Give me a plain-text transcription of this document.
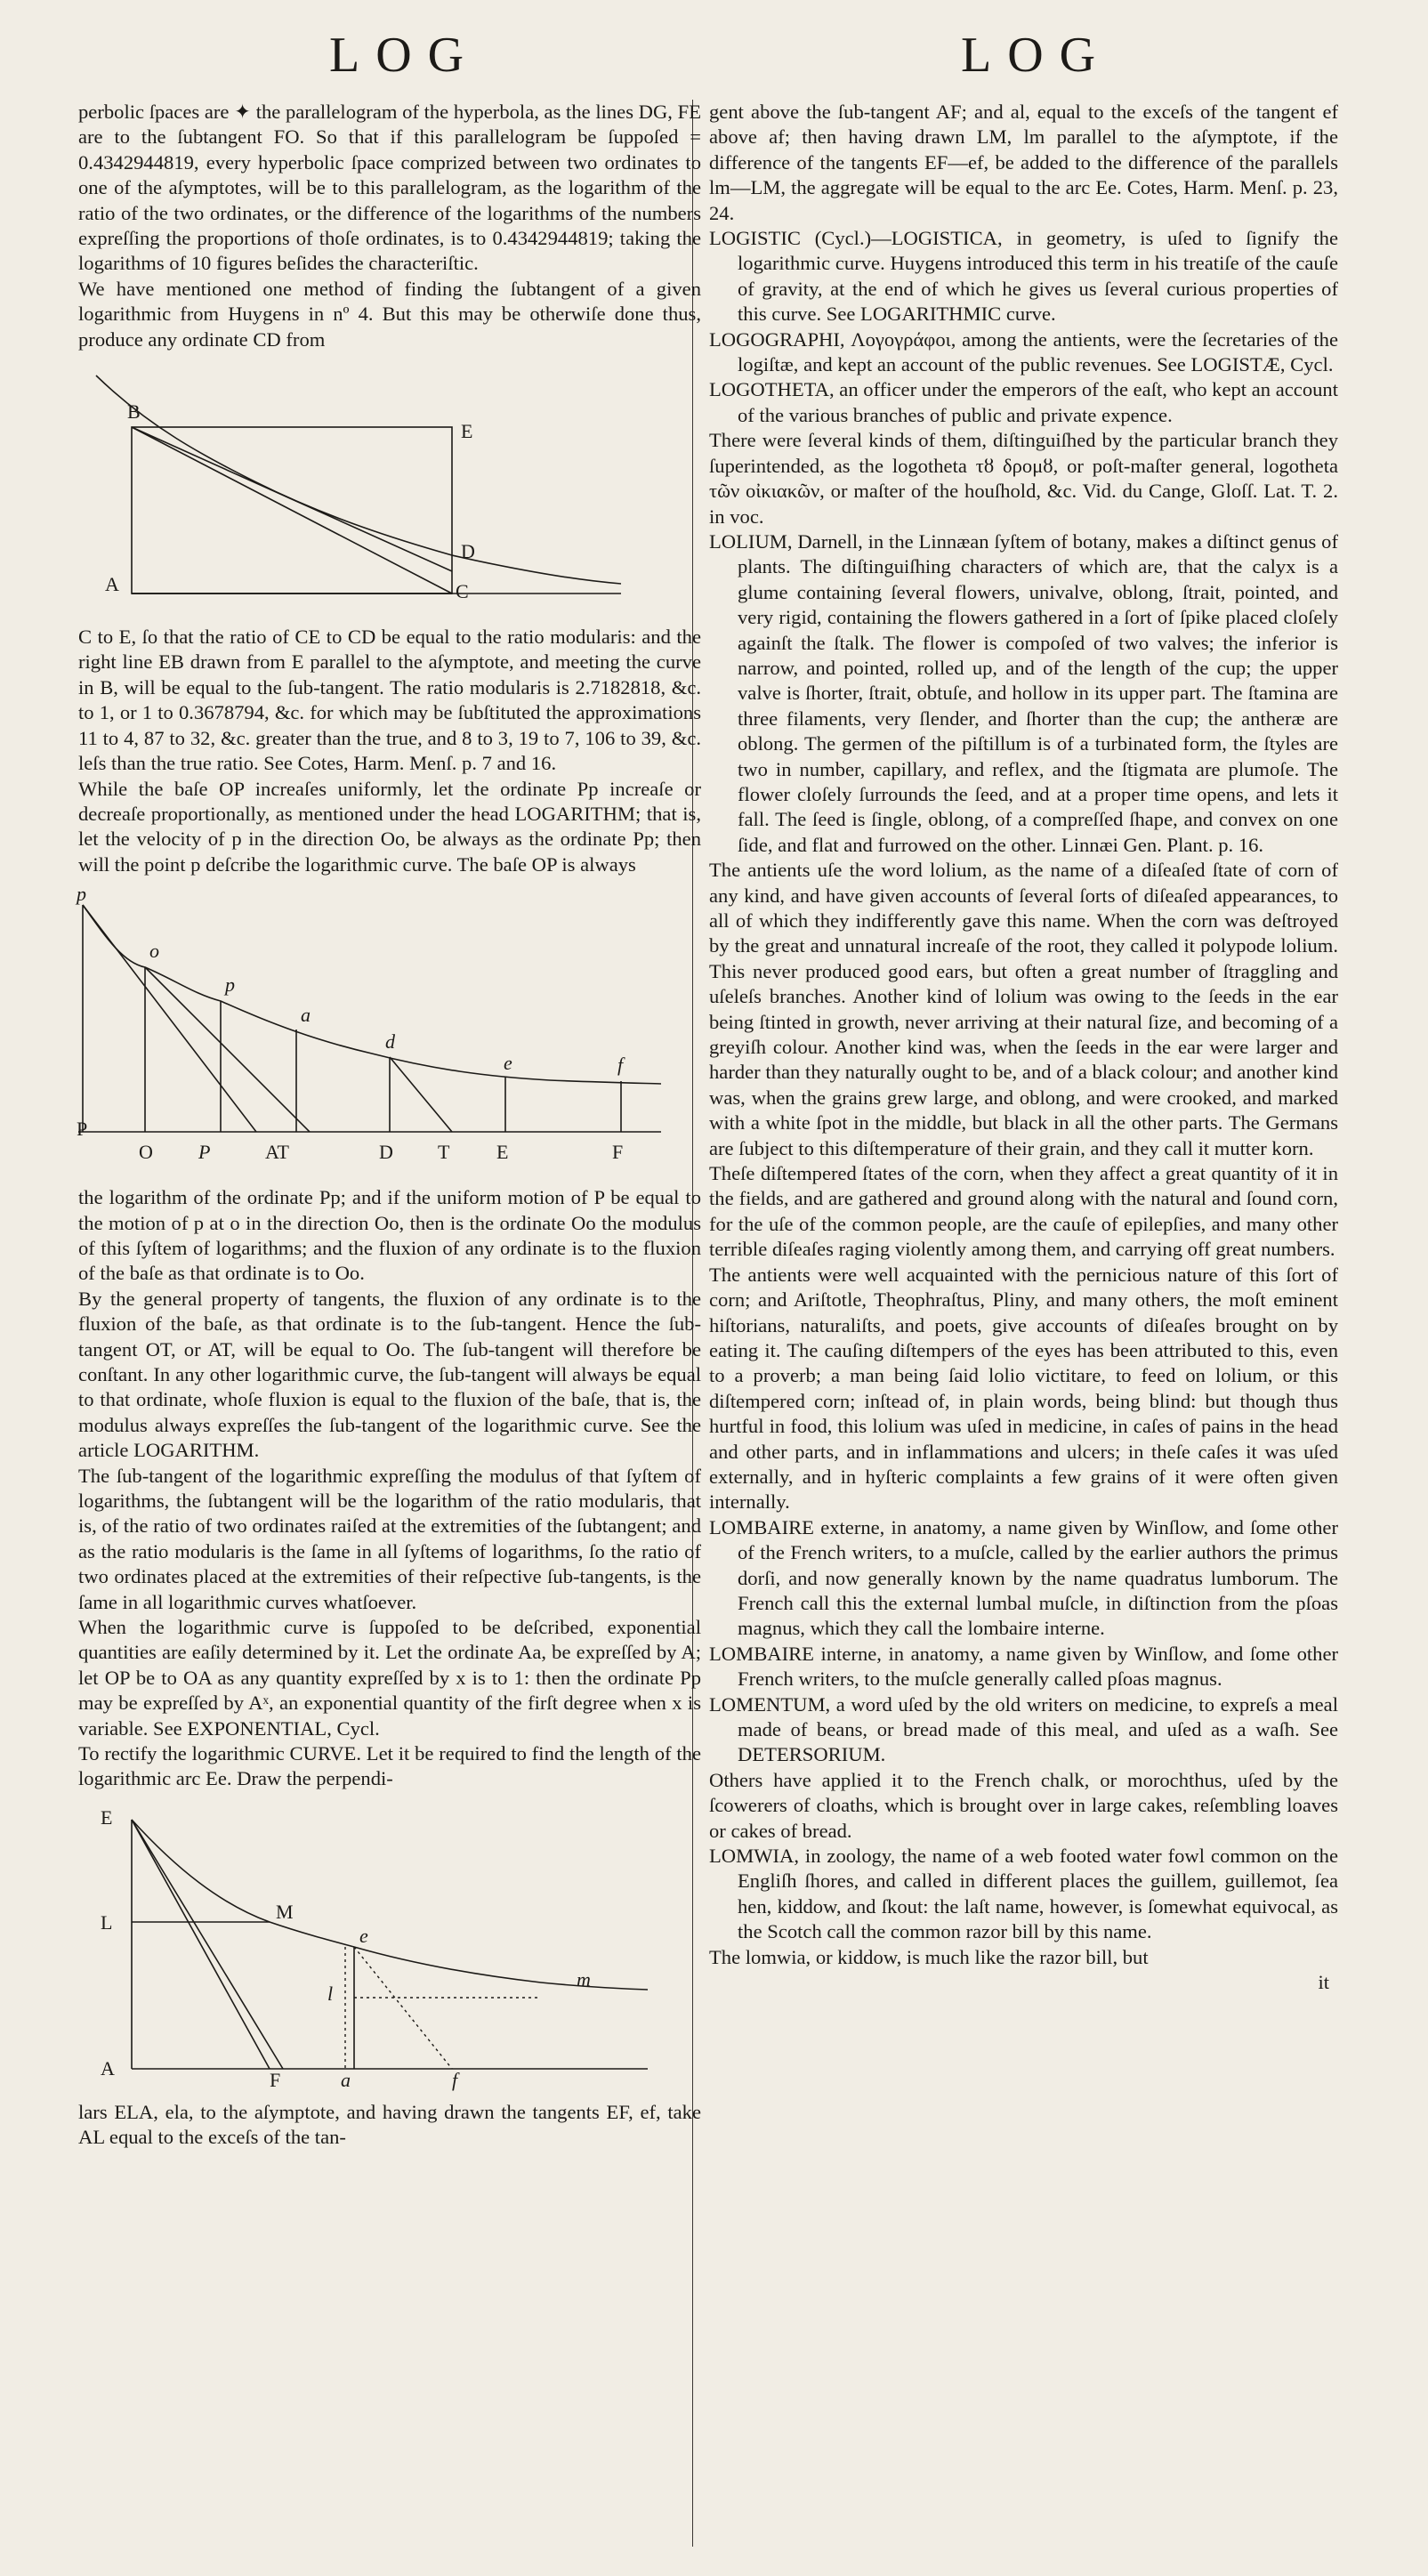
LOG	LOG

perbolic ſpaces are ✦ the parallelogram of the hyperbola, as the lines DG, FE are to the ſubtangent FO. So that if this parallelogram be ſuppoſed = 0.4342944819, every hyperbolic ſpace comprized between two ordinates to one of the aſymptotes, will be to this parallelogram, as the logarithm of the ratio of the two ordinates, or the difference of the logarithms of the numbers expreſſing the proportions of thoſe ordinates, is to 0.4342944819; taking the logarithms of 10 figures beſides the characteriſtic.

We have mentioned one method of finding the ſubtangent of a given logarithmic from Huygens in nº 4. But this may be otherwiſe done thus, produce any ordinate CD from

B
E
D
A	C

C to E, ſo that the ratio of CE to CD be equal to the ratio modularis: and the right line EB drawn from E parallel to the aſymptote, and meeting the curve in B, will be equal to the ſub-tangent. The ratio modularis is 2.7182818, &c. to 1, or 1 to 0.3678794, &c. for which may be ſubſtituted the approximations 11 to 4, 87 to 32, &c. greater than the true, and 8 to 3, 19 to 7, 106 to 39, &c. leſs than the true ratio. See Cotes, Harm. Menſ. p. 7 and 16.

While the baſe OP increaſes uniformly, let the ordinate Pp increaſe or decreaſe proportionally, as mentioned under the head LOGARITHM; that is, let the velocity of p in the direction Oo, be always as the ordinate Pp; then will the point p deſcribe the logarithmic curve. The baſe OP is always

p
o
p
a
d
e	f
P
O P	AT	D T E	F

the logarithm of the ordinate Pp; and if the uniform motion of P be equal to the motion of p at o in the direction Oo, then is the ordinate Oo the modulus of this ſyſtem of logarithms; and the fluxion of any ordinate is to the fluxion of the baſe as that ordinate is to Oo.

By the general property of tangents, the fluxion of any ordinate is to the fluxion of the baſe, as that ordinate is to the ſub-tangent. Hence the ſub-tangent OT, or AT, will be equal to Oo. The ſub-tangent will therefore be conſtant. In any other logarithmic curve, the ſub-tangent will always be equal to that ordinate, whoſe fluxion is equal to the fluxion of the baſe, that is, the modulus always expreſſes the ſub-tangent of the logarithmic curve. See the article LOGARITHM.

The ſub-tangent of the logarithmic expreſſing the modulus of that ſyſtem of logarithms, the ſubtangent will be the logarithm of the ratio modularis, that is, of the ratio of two ordinates raiſed at the extremities of the ſubtangent; and as the ratio modularis is the ſame in all ſyſtems of logarithms, ſo the ratio of two ordinates placed at the extremities of their reſpective ſub-tangents, is the ſame in all logarithmic curves whatſoever.

When the logarithmic curve is ſuppoſed to be deſcribed, exponential quantities are eaſily determined by it. Let the ordinate Aa, be expreſſed by A; let OP be to OA as any quantity expreſſed by x is to 1: then the ordinate Pp may be expreſſed by Aˣ, an exponential quantity of the firſt degree when x is variable. See EXPONENTIAL, Cycl.

To rectify the logarithmic CURVE. Let it be required to find the length of the logarithmic arc Ee. Draw the perpendi-

E
L	M
e
l
m
A
F	a	f

lars ELA, ela, to the aſymptote, and having drawn the tangents EF, ef, take AL equal to the exceſs of the tan-

gent above the ſub-tangent AF; and al, equal to the exceſs of the tangent ef above af; then having drawn LM, lm parallel to the aſymptote, if the difference of the tangents EF—ef, be added to the difference of the parallels lm—LM, the aggregate will be equal to the arc Ee. Cotes, Harm. Menſ. p. 23, 24.

LOGISTIC (Cycl.)—LOGISTICA, in geometry, is uſed to ſignify the logarithmic curve. Huygens introduced this term in his treatiſe of the cauſe of gravity, at the end of which he gives us ſeveral curious properties of this curve. See LOGARITHMIC curve.

LOGOGRAPHI, Λογογράφοι, among the antients, were the ſecretaries of the logiſtæ, and kept an account of the public revenues. See LOGISTÆ, Cycl.

LOGOTHETA, an officer under the emperors of the eaſt, who kept an account of the various branches of public and private expence.

There were ſeveral kinds of them, diſtinguiſhed by the particular branch they ſuperintended, as the logotheta τȣ δρομȣ, or poſt-maſter general, logotheta τῶν οἰκιακῶν, or maſter of the houſhold, &c. Vid. du Cange, Gloſſ. Lat. T. 2. in voc.

LOLIUM, Darnell, in the Linnæan ſyſtem of botany, makes a diſtinct genus of plants. The diſtinguiſhing characters of which are, that the calyx is a glume containing ſeveral flowers, univalve, oblong, ſtrait, pointed, and very rigid, containing the flowers gathered in a ſort of ſpike placed cloſely againſt the ſtalk. The flower is compoſed of two valves; the inferior is narrow, and pointed, rolled up, and of the length of the cup; the upper valve is ſhorter, ſtrait, obtuſe, and hollow in its upper part. The ſtamina are three filaments, very ſlender, and ſhorter than the cup; the antheræ are oblong. The germen of the piſtillum is of a turbinated form, the ſtyles are two in number, capillary, and reflex, and the ſtigmata are plumoſe. The flower cloſely ſurrounds the ſeed, and at a proper time opens, and lets it fall. The ſeed is ſingle, oblong, of a compreſſed ſhape, and convex on one ſide, and flat and furrowed on the other. Linnæi Gen. Plant. p. 16.

The antients uſe the word lolium, as the name of a diſeaſed ſtate of corn of any kind, and have given accounts of ſeveral ſorts of diſeaſed appearances, to all of which they indifferently gave this name. When the corn was deſtroyed by the great and unnatural increaſe of the root, they called it polypode lolium. This never produced good ears, but often a great number of ſtraggling and uſeleſs branches. Another kind of lolium was owing to the ſeeds in the ear being ſtinted in growth, never arriving at their natural ſize, and becoming of a greyiſh colour. Another kind was, when the ſeeds in the ear were larger and harder than they naturally ought to be, and of a black colour; and another kind was, when the grains grew large, and oblong, and were crooked, and marked with a white ſpot in the middle, but black in all the other parts. The Germans are ſubject to this diſtemperature of their grain, and they call it mutter korn.

Theſe diſtempered ſtates of the corn, when they affect a great quantity of it in the fields, and are gathered and ground along with the natural and ſound corn, for the uſe of the common people, are the cauſe of epilepſies, and many other terrible diſeaſes raging violently among them, and carrying off great numbers.

The antients were well acquainted with the pernicious nature of this ſort of corn; and Ariſtotle, Theophraſtus, Pliny, and many others, the moſt eminent hiſtorians, naturaliſts, and poets, give accounts of diſeaſes brought on by eating it. The cauſing diſtempers of the eyes has been attributed to this, even to a proverb; a man being ſaid lolio victitare, to feed on lolium, or this diſtempered corn; inſtead of, in plain words, being blind: but though thus hurtful in food, this lolium was uſed in medicine, in caſes of pains in the head and other parts, and in inflammations and ulcers; in theſe caſes it was uſed externally, and in hyſteric complaints a few grains of it were often given internally.

LOMBAIRE externe, in anatomy, a name given by Winſlow, and ſome other of the French writers, to a muſcle, called by the earlier authors the primus dorſi, and now generally known by the name quadratus lumborum. The French call this the external lumbal muſcle, in diſtinction from the pſoas magnus, which they call the lombaire interne.

LOMBAIRE interne, in anatomy, a name given by Winſlow, and ſome other French writers, to the muſcle generally called pſoas magnus.

LOMENTUM, a word uſed by the old writers on medicine, to expreſs a meal made of beans, or bread made of this meal, and uſed as a waſh. See DETERSORIUM.

Others have applied it to the French chalk, or morochthus, uſed by the ſcowerers of cloaths, which is brought over in large cakes, reſembling loaves or cakes of bread.

LOMWIA, in zoology, the name of a web footed water fowl common on the Engliſh ſhores, and called in different places the guillem, guillemot, ſea hen, kiddow, and ſkout: the laſt name, however, is ſomewhat equivocal, as the Scotch call the common razor bill by this name.

The lomwia, or kiddow, is much like the razor bill, but

it
